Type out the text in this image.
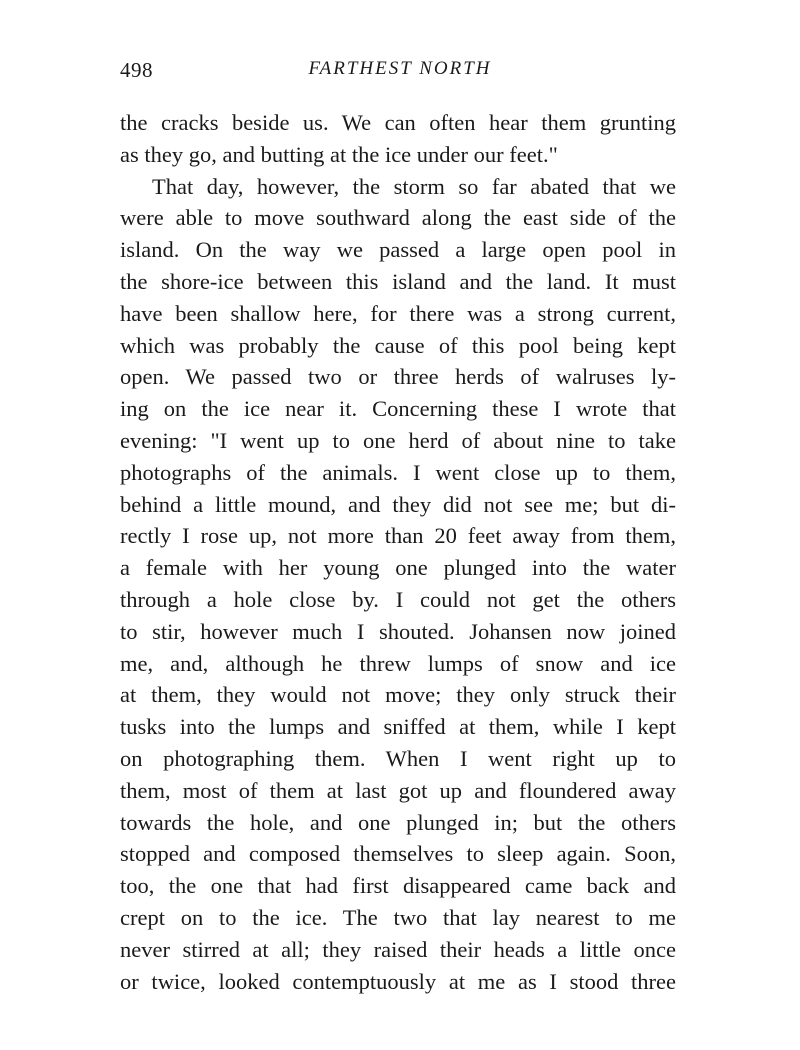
498	FARTHEST NORTH
the cracks beside us. We can often hear them grunting
as they go, and butting at the ice under our feet."
That day, however, the storm so far abated that we
were able to move southward along the east side of the
island. On the way we passed a large open pool in
the shore-ice between this island and the land. It must
have been shallow here, for there was a strong current,
which was probably the cause of this pool being kept
open. We passed two or three herds of walruses ly-
ing on the ice near it. Concerning these I wrote that
evening: "I went up to one herd of about nine to take
photographs of the animals. I went close up to them,
behind a little mound, and they did not see me; but di-
rectly I rose up, not more than 20 feet away from them,
a female with her young one plunged into the water
through a hole close by. I could not get the others
to stir, however much I shouted. Johansen now joined
me, and, although he threw lumps of snow and ice
at them, they would not move; they only struck their
tusks into the lumps and sniffed at them, while I kept
on photographing them. When I went right up to
them, most of them at last got up and floundered away
towards the hole, and one plunged in; but the others
stopped and composed themselves to sleep again. Soon,
too, the one that had first disappeared came back and
crept on to the ice. The two that lay nearest to me
never stirred at all; they raised their heads a little once
or twice, looked contemptuously at me as I stood three
